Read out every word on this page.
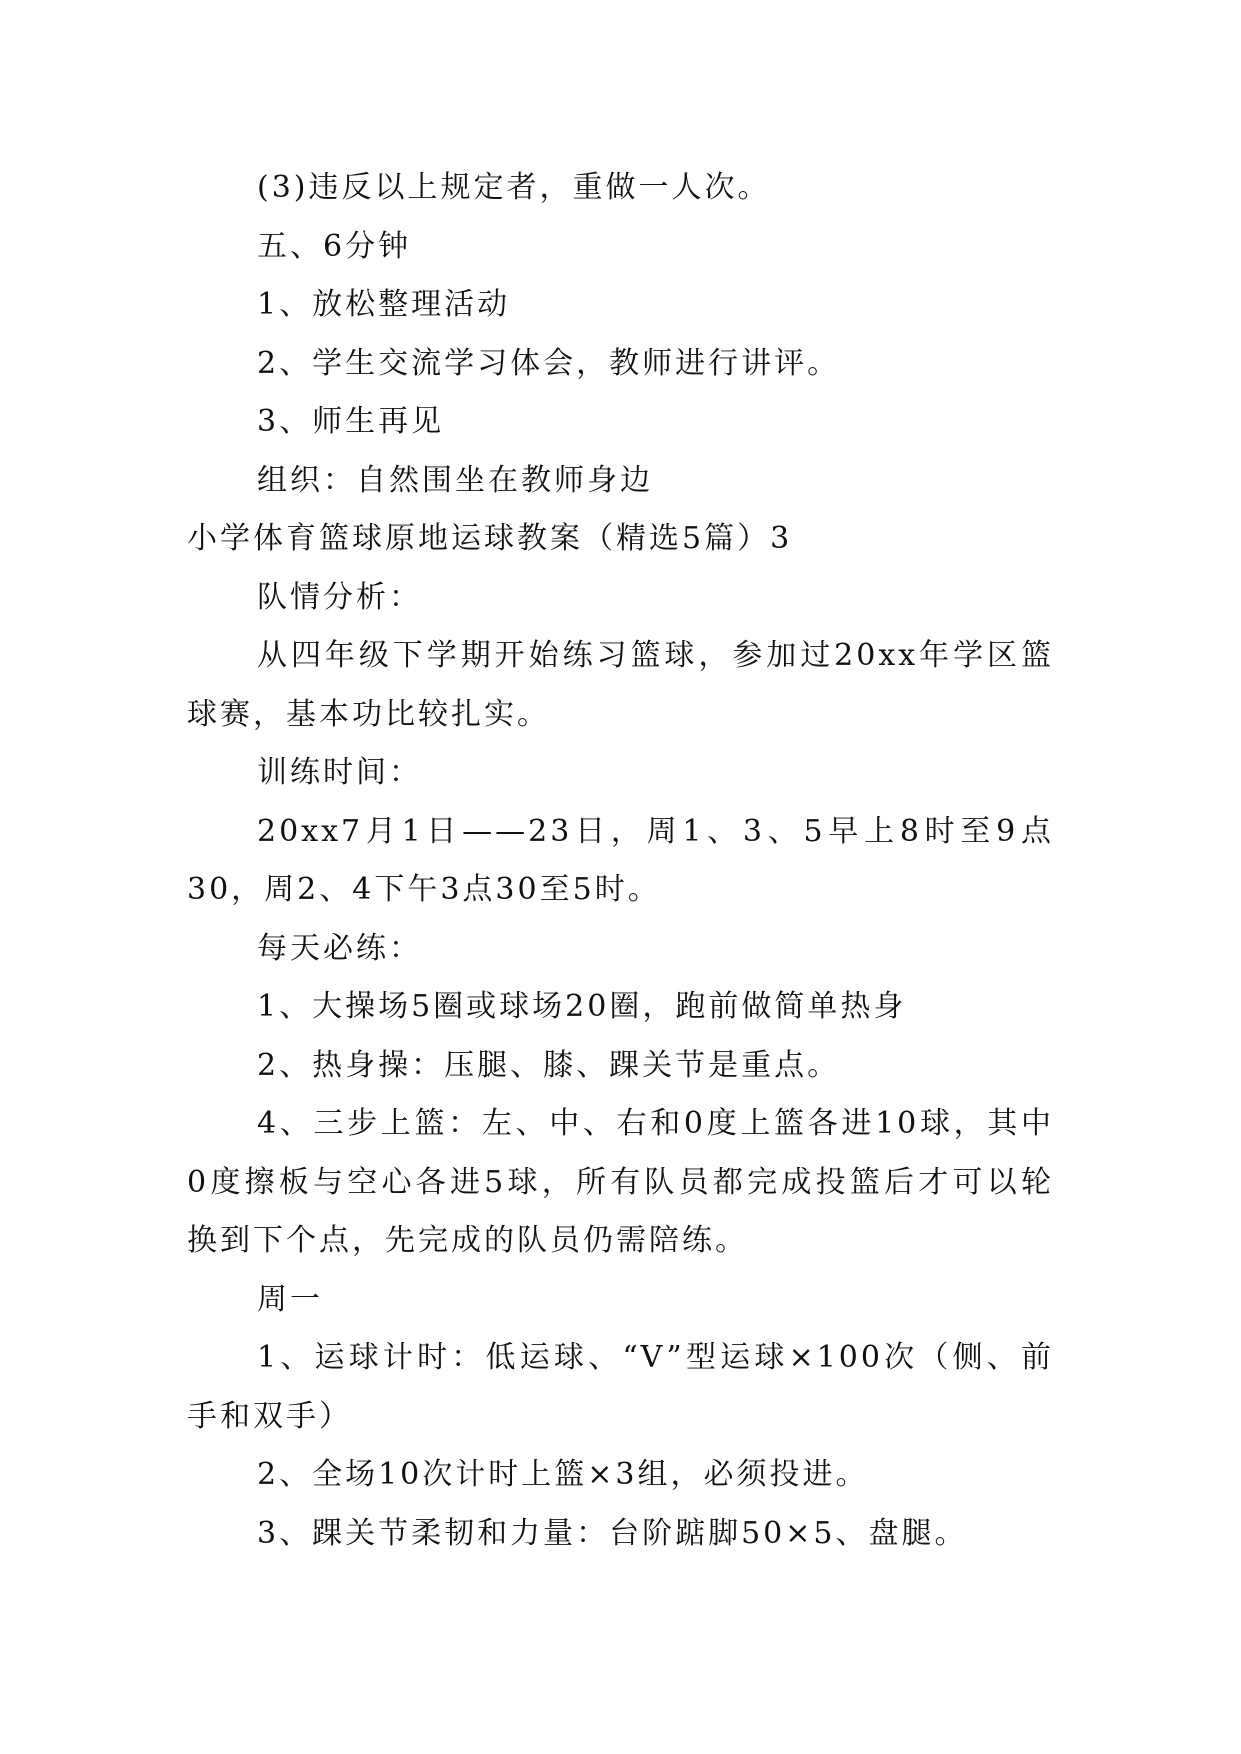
(3)违反以上规定者，重做一人次。
五、6分钟
1、放松整理活动
2、学生交流学习体会，教师进行讲评。
3、师生再见
组织：自然围坐在教师身边
小学体育篮球原地运球教案（精选5篇）3
队情分析：
从四年级下学期开始练习篮球，参加过20xx年学区篮
球赛，基本功比较扎实。
训练时间：
20xx7月1日——23日，周1、3、5早上8时至9点
30，周2、4下午3点30至5时。
每天必练：
1、大操场5圈或球场20圈，跑前做简单热身
2、热身操：压腿、膝、踝关节是重点。
4、三步上篮：左、中、右和0度上篮各进10球，其中
0度擦板与空心各进5球，所有队员都完成投篮后才可以轮
换到下个点，先完成的队员仍需陪练。
周一
1、运球计时：低运球、“V”型运球×100次（侧、前
手和双手）
2、全场10次计时上篮×3组，必须投进。
3、踝关节柔韧和力量：台阶踮脚50×5、盘腿。
